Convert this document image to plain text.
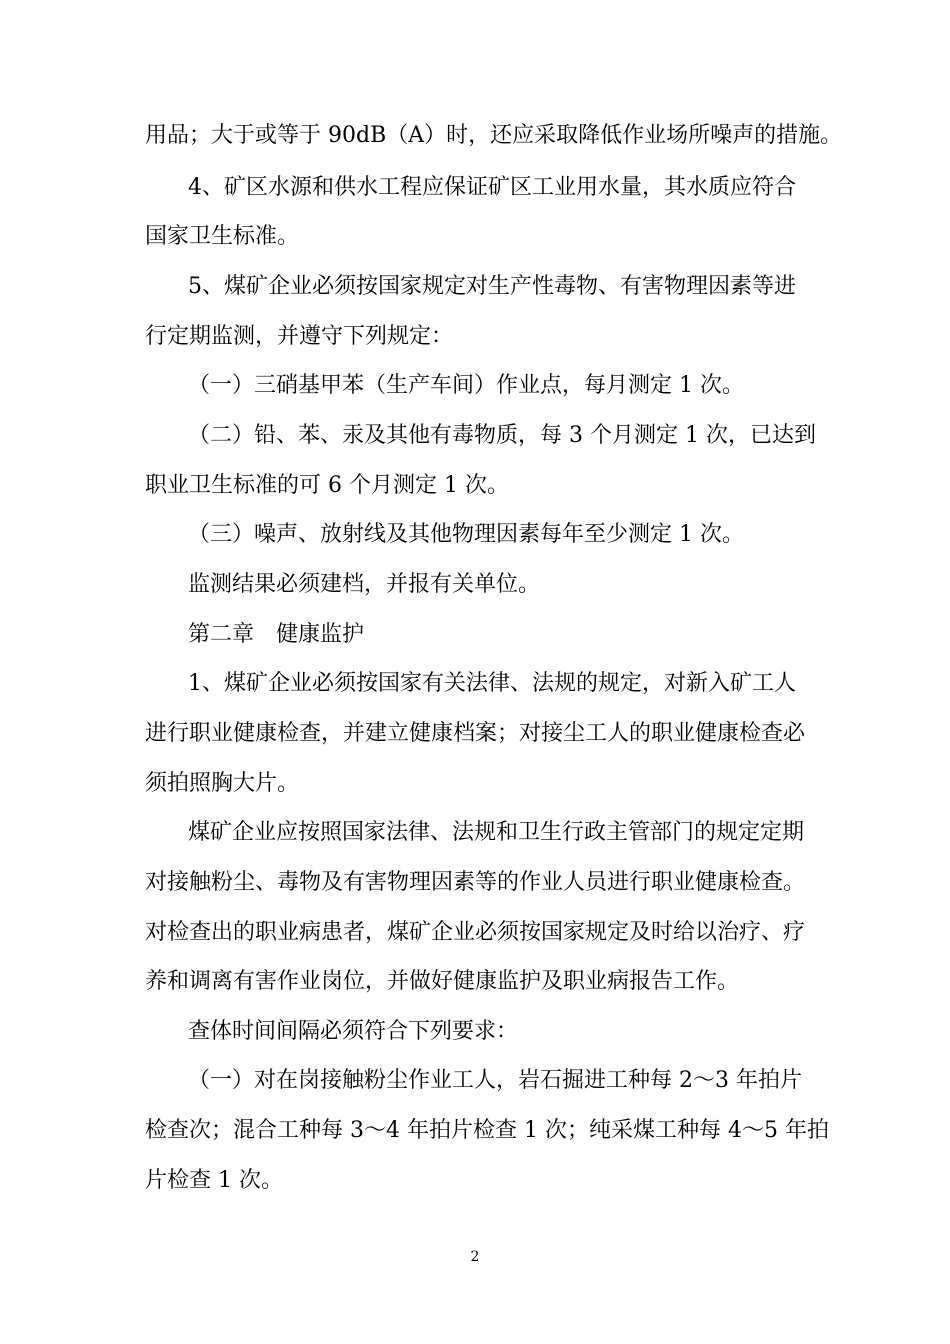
用品；大于或等于 90dB（A）时，还应采取降低作业场所噪声的措施。
4、矿区水源和供水工程应保证矿区工业用水量，其水质应符合
国家卫生标准。
5、煤矿企业必须按国家规定对生产性毒物、有害物理因素等进
行定期监测，并遵守下列规定：
（一）三硝基甲苯（生产车间）作业点，每月测定 1 次。
（二）铅、苯、汞及其他有毒物质，每 3 个月测定 1 次，已达到
职业卫生标准的可 6 个月测定 1 次。
（三）噪声、放射线及其他物理因素每年至少测定 1 次。
监测结果必须建档，并报有关单位。
第二章　健康监护
1、煤矿企业必须按国家有关法律、法规的规定，对新入矿工人
进行职业健康检查，并建立健康档案；对接尘工人的职业健康检查必
须拍照胸大片。
煤矿企业应按照国家法律、法规和卫生行政主管部门的规定定期
对接触粉尘、毒物及有害物理因素等的作业人员进行职业健康检查。
对检查出的职业病患者，煤矿企业必须按国家规定及时给以治疗、疗
养和调离有害作业岗位，并做好健康监护及职业病报告工作。
查体时间间隔必须符合下列要求：
（一）对在岗接触粉尘作业工人，岩石掘进工种每 2～3 年拍片
检查次；混合工种每 3～4 年拍片检查 1 次；纯采煤工种每 4～5 年拍
片检查 1 次。
2
